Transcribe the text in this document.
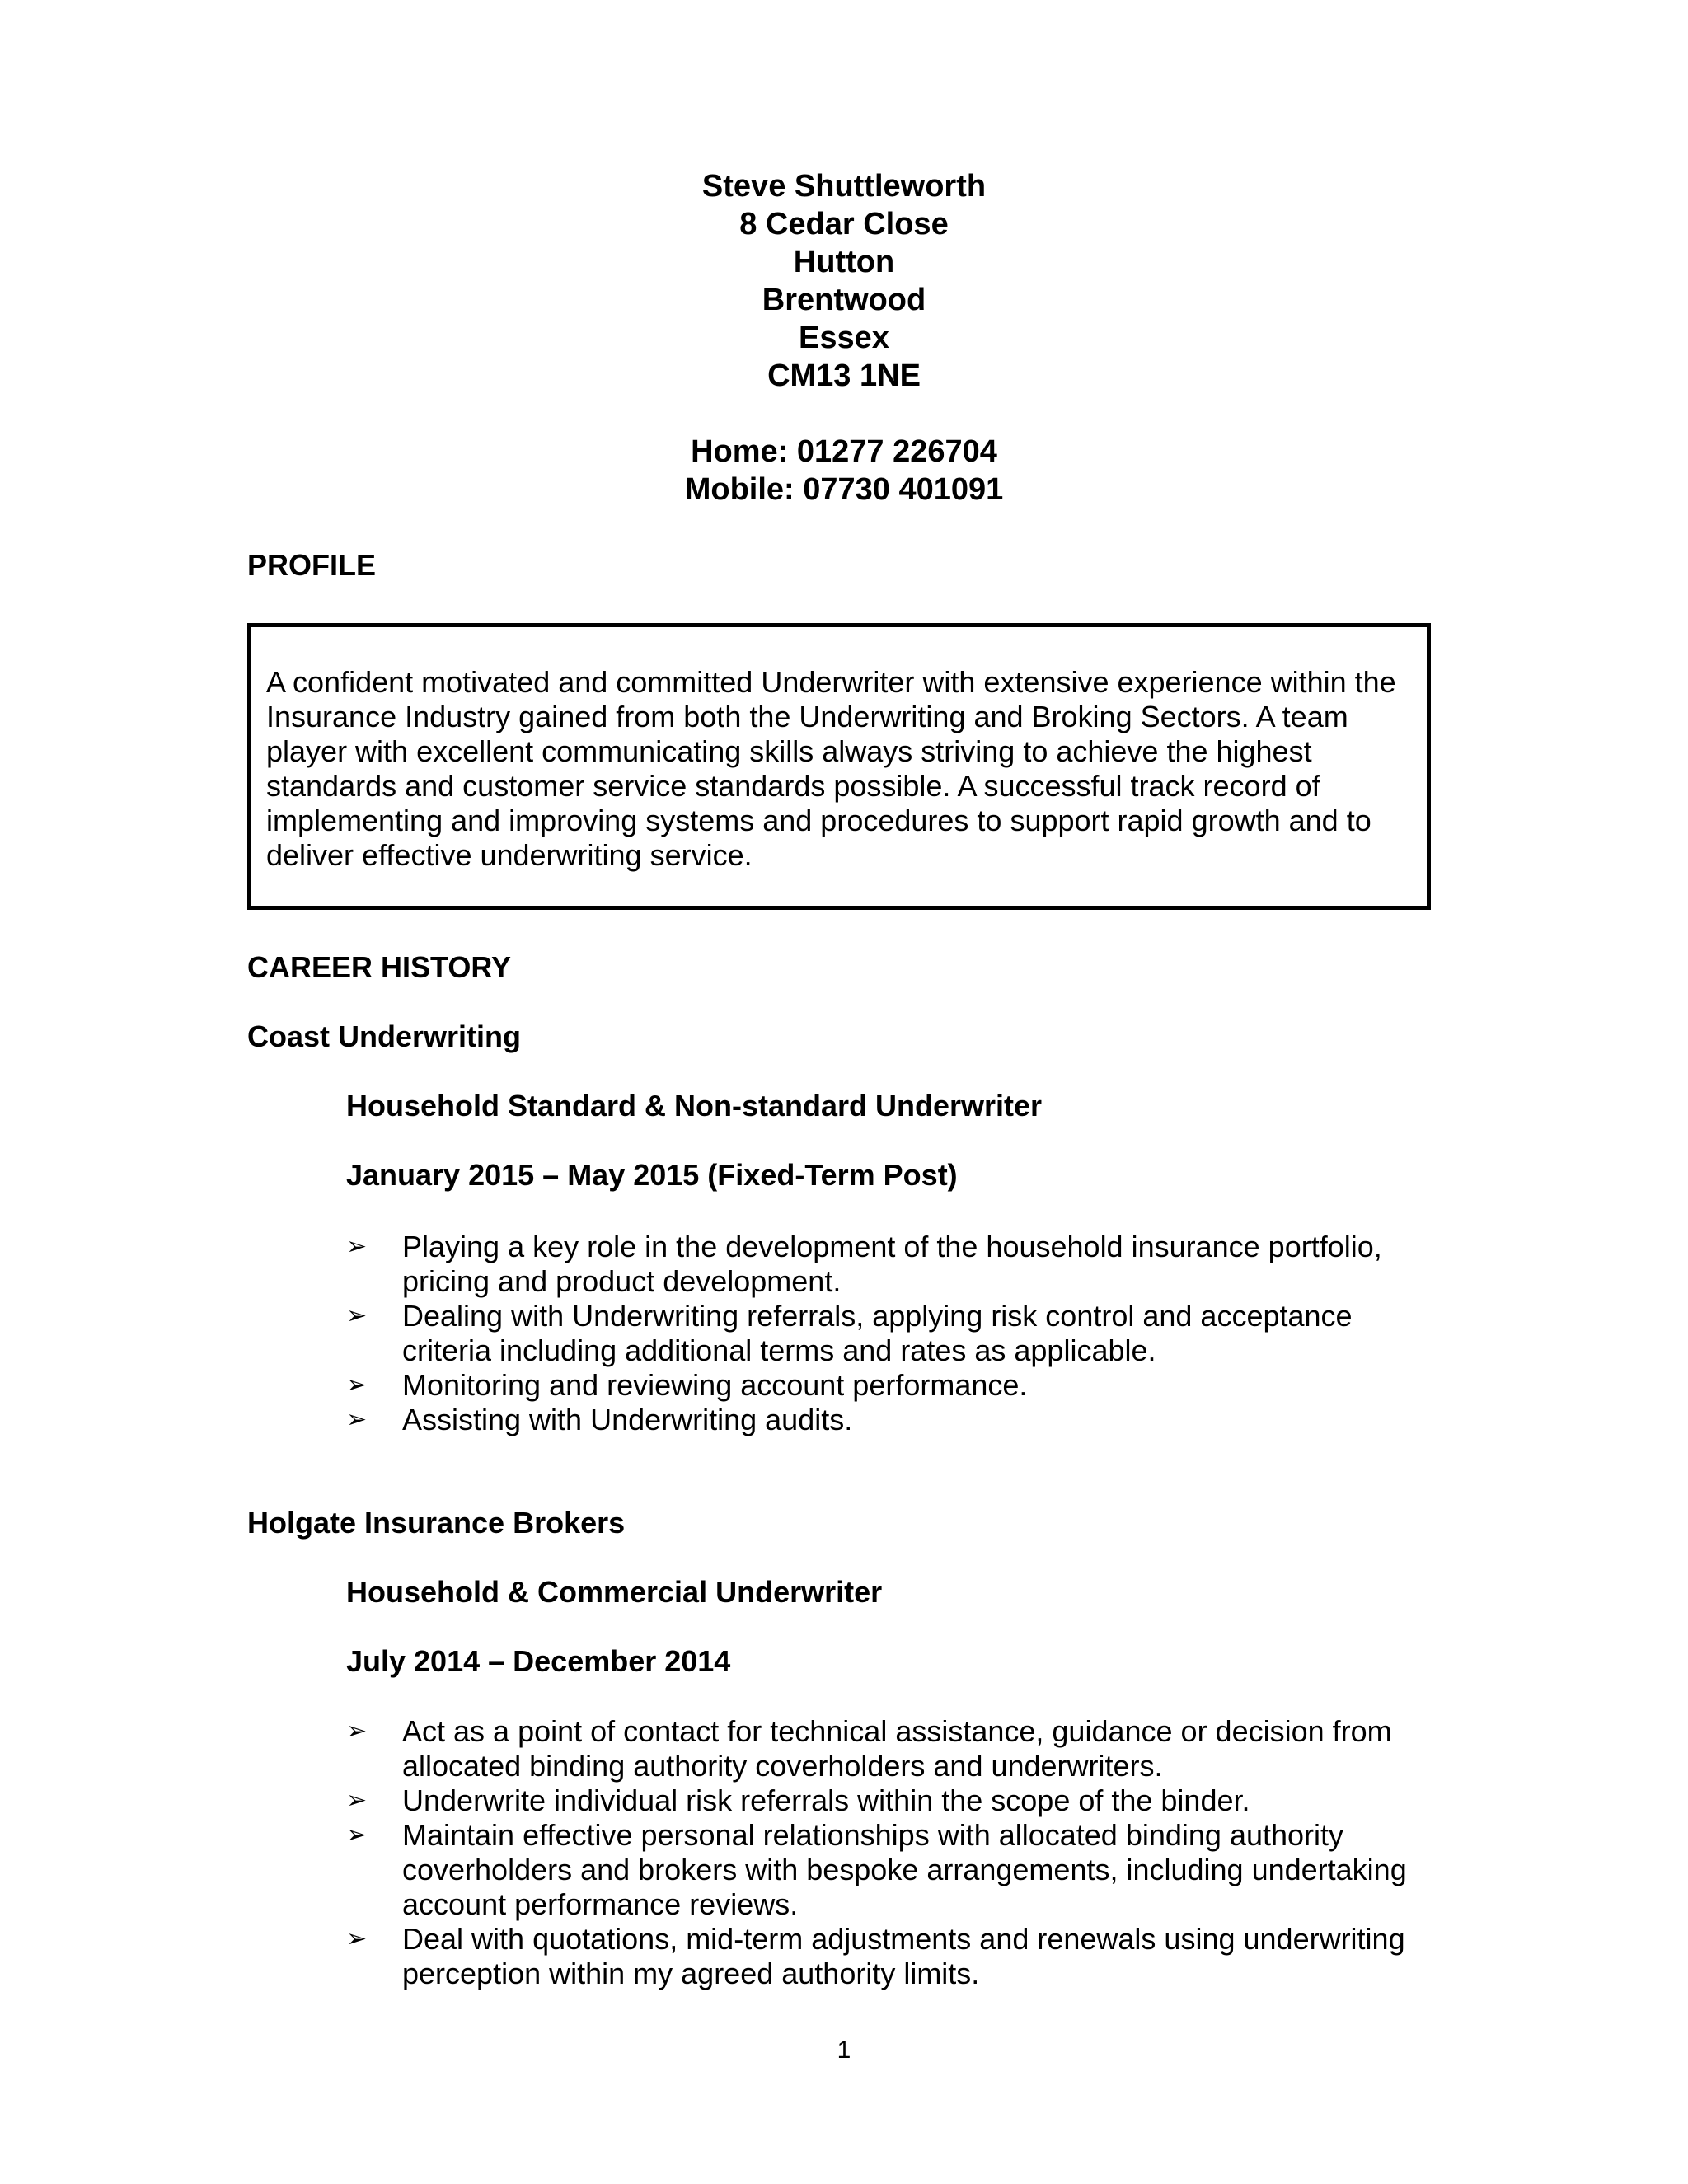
Steve Shuttleworth
8 Cedar Close
Hutton
Brentwood
Essex
CM13 1NE
Home: 01277 226704
Mobile: 07730 401091
PROFILE
A confident motivated and committed Underwriter with extensive experience within the
Insurance Industry gained from both the Underwriting and Broking Sectors. A team
player with excellent communicating skills always striving to achieve the highest
standards and customer service standards possible. A successful track record of
implementing and improving systems and procedures to support rapid growth and to
deliver effective underwriting service.
CAREER HISTORY
Coast Underwriting
Household Standard & Non-standard Underwriter
January 2015 – May 2015 (Fixed-Term Post)
➢	Playing a key role in the development of the household insurance portfolio, pricing and product development.
➢	Dealing with Underwriting referrals, applying risk control and acceptance criteria including additional terms and rates as applicable.
➢	Monitoring and reviewing account performance.
➢	Assisting with Underwriting audits.
Holgate Insurance Brokers
Household & Commercial Underwriter
July 2014 – December 2014
➢	Act as a point of contact for technical assistance, guidance or decision from allocated binding authority coverholders and underwriters.
➢	Underwrite individual risk referrals within the scope of the binder.
➢	Maintain effective personal relationships with allocated binding authority coverholders and brokers with bespoke arrangements, including undertaking account performance reviews.
➢	Deal with quotations, mid-term adjustments and renewals using underwriting perception within my agreed authority limits.
1
